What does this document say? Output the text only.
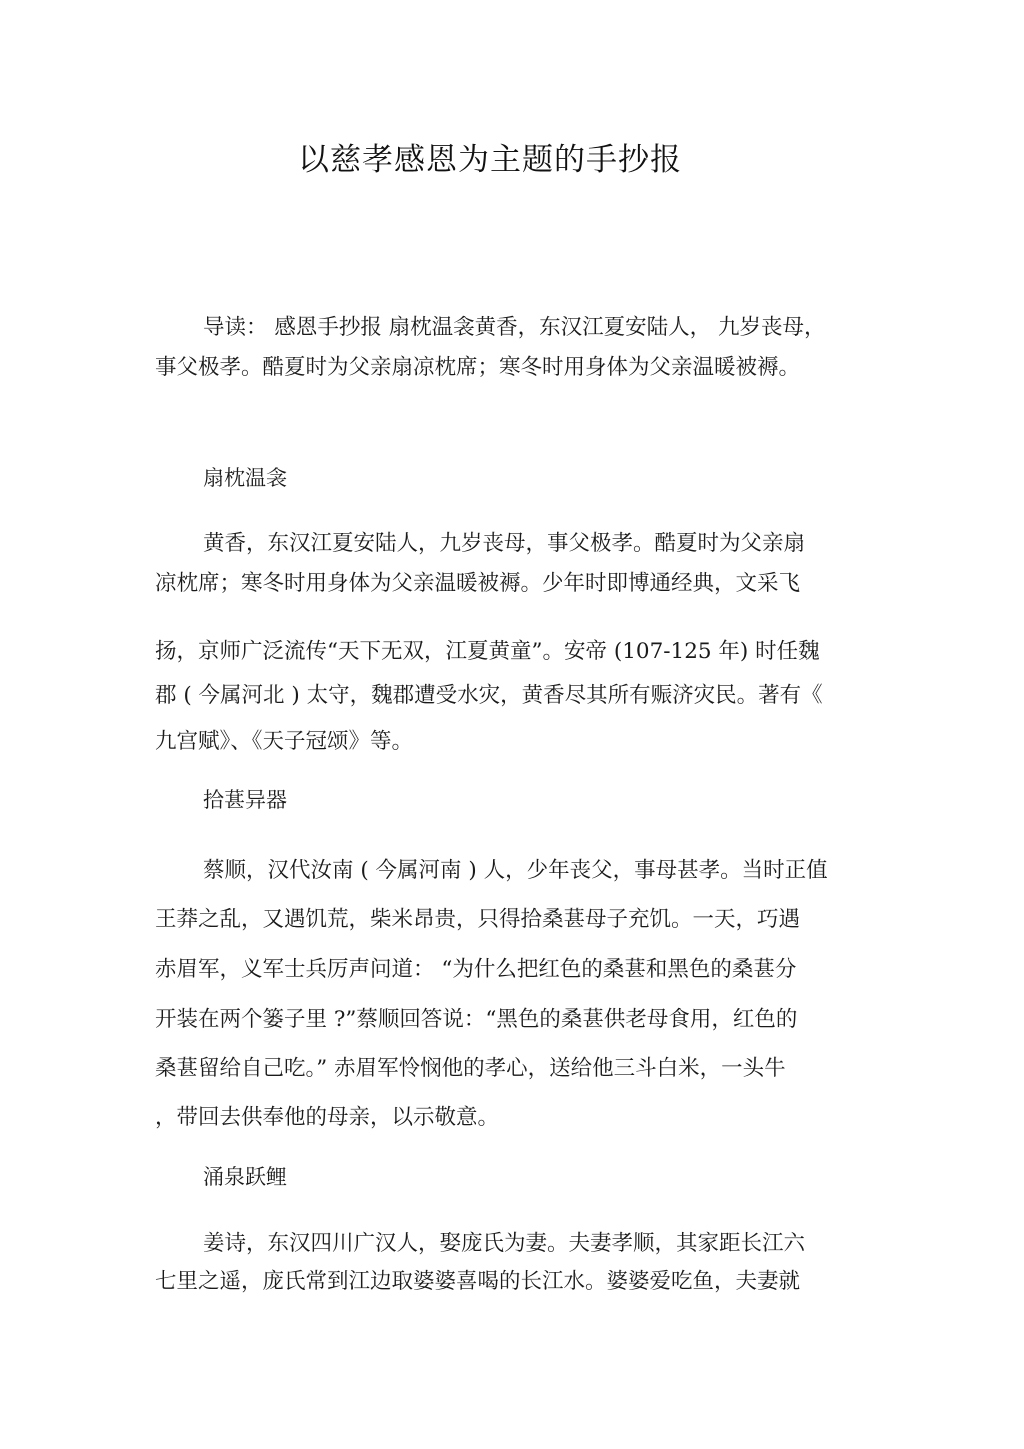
以慈孝感恩为主题的手抄报
导读： 感恩手抄报 扇枕温衾黄香，东汉江夏安陆人， 九岁丧母，
事父极孝。酷夏时为父亲扇凉枕席；寒冬时用身体为父亲温暖被褥。
扇枕温衾
黄香，东汉江夏安陆人，九岁丧母，事父极孝。酷夏时为父亲扇
凉枕席；寒冬时用身体为父亲温暖被褥。少年时即博通经典，文采飞
扬，京师广泛流传“天下无双，江夏黄童”。安帝 (107-125 年) 时任魏
郡 ( 今属河北 ) 太守，魏郡遭受水灾，黄香尽其所有赈济灾民。著有《
九宫赋》、《天子冠颂》等。
拾葚异器
蔡顺，汉代汝南 ( 今属河南 ) 人，少年丧父，事母甚孝。当时正值
王莽之乱，又遇饥荒，柴米昂贵，只得拾桑葚母子充饥。一天，巧遇
赤眉军，义军士兵厉声问道： “为什么把红色的桑葚和黑色的桑葚分
开装在两个篓子里 ?”蔡顺回答说：“黑色的桑葚供老母食用，红色的
桑葚留给自己吃。” 赤眉军怜悯他的孝心，送给他三斗白米，一头牛
，带回去供奉他的母亲，以示敬意。
涌泉跃鲤
姜诗，东汉四川广汉人，娶庞氏为妻。夫妻孝顺，其家距长江六
七里之遥，庞氏常到江边取婆婆喜喝的长江水。婆婆爱吃鱼，夫妻就
